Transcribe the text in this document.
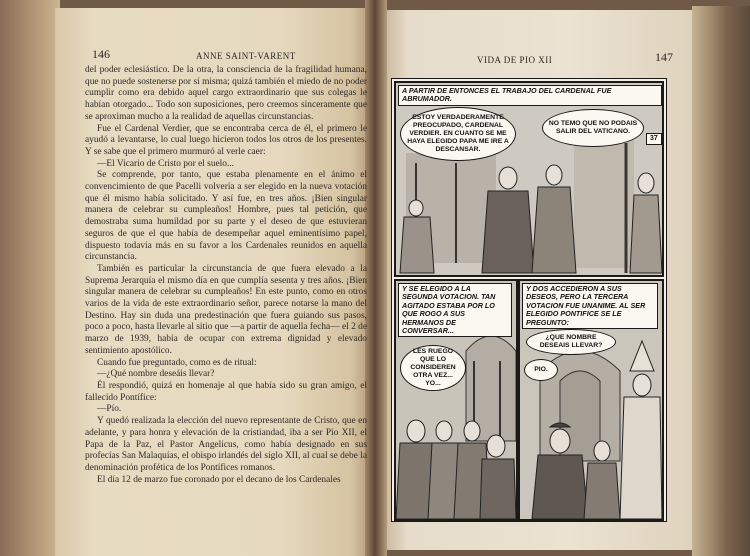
146	ANNE SAINT-VARENT

del poder eclesiástico. De la otra, la consciencia de la fragilidad humana, que no puede sostenerse por sí misma; quizá también el miedo de no poder cumplir como era debido aquel cargo extraordinario que sus colegas le habían otorgado... Todo son suposiciones, pero creemos sinceramente que se aproximan mucho a la realidad de aquellas circunstancias.

Fue el Cardenal Verdier, que se encontraba cerca de él, el primero le ayudó a levantarse, lo cual luego hicieron todos los otros de los presentes. Y se sabe que el primero murmuró al verle caer:

—El Vicario de Cristo por el suelo...

Se comprende, por tanto, que estaba plenamente en el ánimo el convencimiento de que Pacelli volvería a ser elegido en la nueva votación que él mismo había solicitado. Y así fue, en tres años. ¡Bien singular manera de celebrar su cumpleaños! Hombre, pues tal petición, que demostraba suma humildad por su parte y el deseo de que estuvieran seguros de que el que había de desempeñar aquel eminentísimo papel, dispuesto todavía más en su favor a los Cardenales reunidos en aquella circunstancia.

También es particular la circunstancia de que fuera elevado a la Suprema Jerarquía el mismo día en que cumplía sesenta y tres años. ¡Bien singular manera de celebrar su cumpleaños! En este punto, como en otros varios de la vida de este extraordinario señor, parece notarse la mano del Destino. Hay sin duda una predestinación que fuera guiando sus pasos, poco a poco, hasta llevarle al sitio que —a partir de aquella fecha— el 2 de marzo de 1939, había de ocupar con extrema dignidad y elevado sentimiento apostólico.

Cuando fue preguntado, como es de ritual:

—¿Qué nombre deseáis llevar?

Él respondió, quizá en homenaje al que había sido su gran amigo, el fallecido Pontífice:

—Pío.

Y quedó realizada la elección del nuevo representante de Cristo, que en adelante, y para honra y elevación de la cristiandad, iba a ser Pío XII, el Papa de la Paz, el Pastor Angelicus, como había designado en sus profecías San Malaquías, el obispo irlandés del siglo XII, al cual se debe la denominación profética de los Pontífices romanos.

El día 12 de marzo fue coronado por el decano de los Cardenales

VIDA DE PIO XII	147
A PARTIR DE ENTONCES EL TRABAJO DEL CARDENAL FUE ABRUMADOR.
ESTOY VERDADERAMENTE PREOCUPADO, CARDENAL VERDIER. EN CUANTO SE ME HAYA ELEGIDO PAPA ME IRE A DESCANSAR.
NO TEMO QUE NO PODAIS SALIR DEL VATICANO.
37
Y SE ELEGIDO A LA SEGUNDA VOTACION. TAN AGITADO ESTABA POR LO QUE ROGO A SUS HERMANOS DE CONVERSAR...
LES RUEGO QUE LO CONSIDEREN OTRA VEZ... YO...
Y DOS ACCEDIERON A SUS DESEOS, PERO LA TERCERA VOTACION FUE UNANIME. AL SER ELEGIDO PONTIFICE SE LE PREGUNTO:
¿QUE NOMBRE DESEAIS LLEVAR?
PIO.
